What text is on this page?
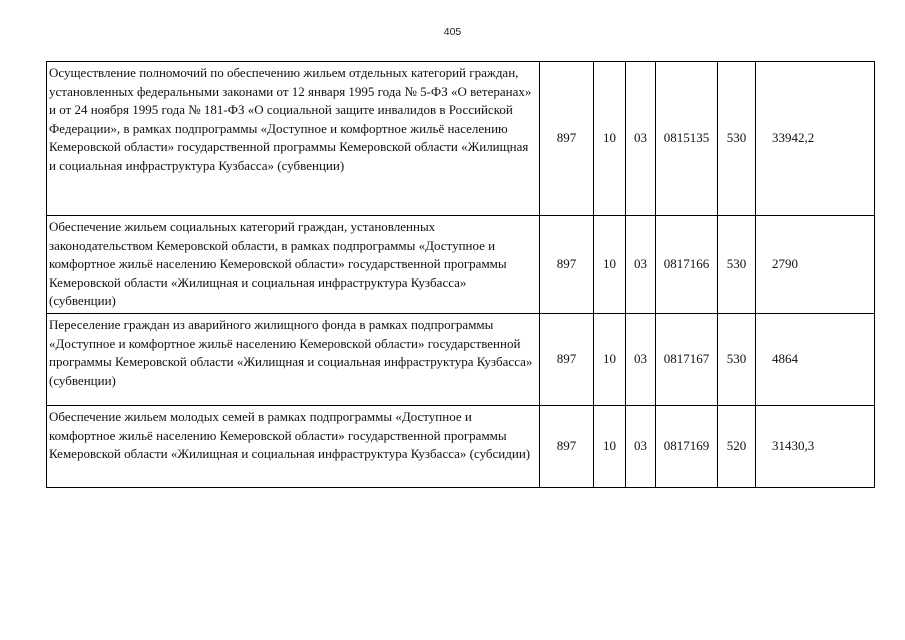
405
Осуществление полномочий по обеспечению жильем отдельных категорий граждан, установленных федеральными законами от 12 января 1995 года № 5-ФЗ «О ветеранах» и от 24 ноября 1995 года № 181-ФЗ «О социальной защите инвалидов в Российской Федерации», в рамках подпрограммы «Доступное и комфортное жильё населению Кемеровской области» государственной программы Кемеровской области «Жилищная и социальная инфраструктура Кузбасса» (субвенции)	897	10	03	0815135	530	33942,2
Обеспечение жильем социальных категорий граждан, установленных законодательством Кемеровской области, в рамках подпрограммы «Доступное и комфортное жильё населению Кемеровской области» государственной программы Кемеровской области «Жилищная и социальная инфраструктура Кузбасса» (субвенции)	897	10	03	0817166	530	2790
Переселение граждан из аварийного жилищного фонда в рамках подпрограммы «Доступное и комфортное жильё населению Кемеровской области» государственной программы Кемеровской области «Жилищная и социальная инфраструктура Кузбасса» (субвенции)	897	10	03	0817167	530	4864
Обеспечение жильем молодых семей в рамках подпрограммы «Доступное и комфортное жильё населению Кемеровской области» государственной программы Кемеровской области «Жилищная и социальная инфраструктура Кузбасса» (субсидии)	897	10	03	0817169	520	31430,3
